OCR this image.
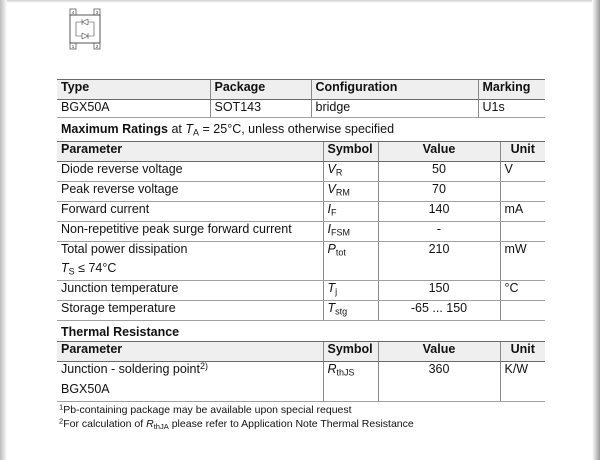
4	3
1	2
Type	Package	Configuration	Marking
BGX50A	SOT143	bridge	U1s
Maximum Ratings at $T_A = 25^\circ C$, unless otherwise specified
Parameter	Symbol	Value	Unit
Diode reverse voltage	$V_R$	50	V
Peak reverse voltage	$V_{RM}$	70	
Forward current	$I_F$	140	mA
Non-repetitive peak surge forward current	$I_{FSM}$	-	

Total power dissipation
$T_S \le 74^\circ C$	$P_{tot}$	210	mW
Junction temperature	$T_j$	150	°C
Storage temperature	$T_{stg}$	-65 ... 150	
Thermal Resistance
Parameter	Symbol	Value	Unit

Junction - soldering point$^{2)}$
BGX50A	$R_{thJS}$	360	K/W
$^1$Pb-containing package may be available upon special request
$^2$For calculation of $R_{thJA}$ please refer to Application Note Thermal Resistance
